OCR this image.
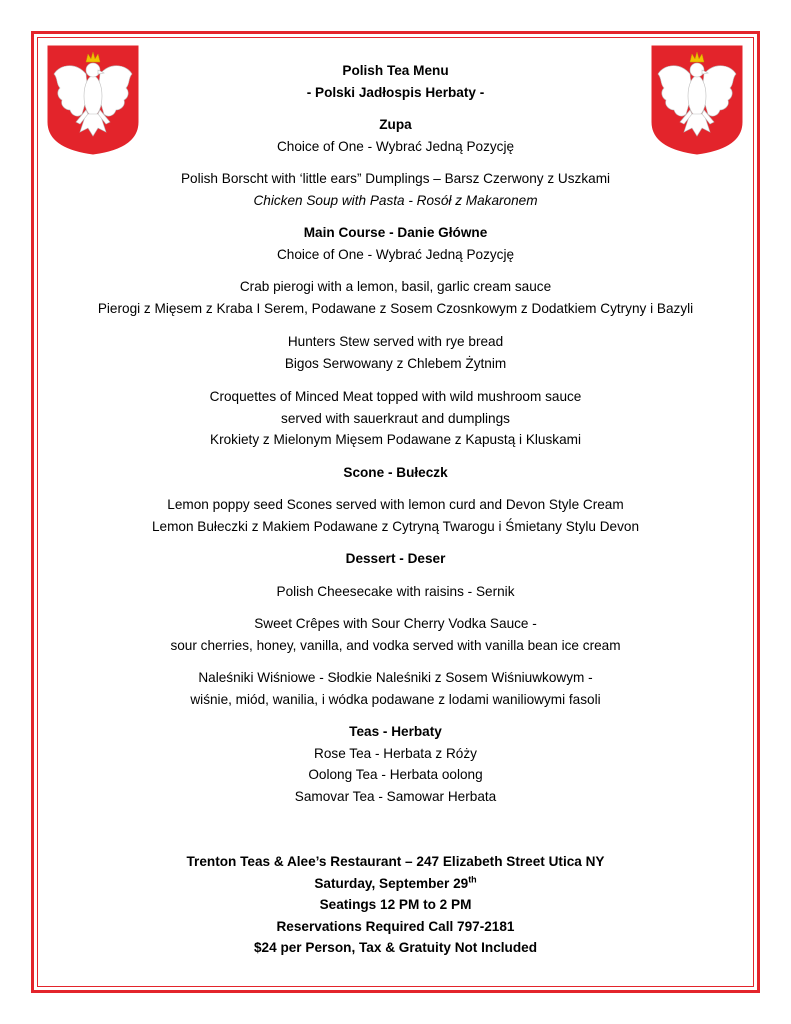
Polish Tea Menu

- Polski Jadłospis Herbaty -

Zupa

Choice of One - Wybrać Jedną Pozycję

Polish Borscht with ‘little ears” Dumplings – Barsz Czerwony z Uszkami

Chicken Soup with Pasta - Rosół z Makaronem

Main Course - Danie Główne

Choice of One - Wybrać Jedną Pozycję

Crab pierogi with a lemon, basil, garlic cream sauce

Pierogi z Mięsem z Kraba I Serem, Podawane z Sosem Czosnkowym z Dodatkiem Cytryny i Bazyli

Hunters Stew served with rye bread

Bigos Serwowany z Chlebem Żytnim

Croquettes of Minced Meat topped with wild mushroom sauce

served with sauerkraut and dumplings

Krokiety z Mielonym Mięsem Podawane z Kapustą i Kluskami

Scone - Bułeczk

Lemon poppy seed Scones served with lemon curd and Devon Style Cream

Lemon Bułeczki z Makiem Podawane z Cytryną Twarogu i Śmietany Stylu Devon

Dessert - Deser

Polish Cheesecake with raisins - Sernik

Sweet Crêpes with Sour Cherry Vodka Sauce -

sour cherries, honey, vanilla, and vodka served with vanilla bean ice cream

Naleśniki Wiśniowe - Słodkie Naleśniki z Sosem Wiśniuwkowym -

wiśnie, miód, wanilia, i wódka podawane z lodami waniliowymi fasoli

Teas - Herbaty

Rose Tea - Herbata z Róży

Oolong Tea - Herbata oolong

Samovar Tea - Samowar Herbata

Trenton Teas & Alee’s Restaurant – 247 Elizabeth Street Utica NY

Saturday, September 29th

Seatings 12 PM to 2 PM

Reservations Required Call 797-2181

$24 per Person, Tax & Gratuity Not Included
